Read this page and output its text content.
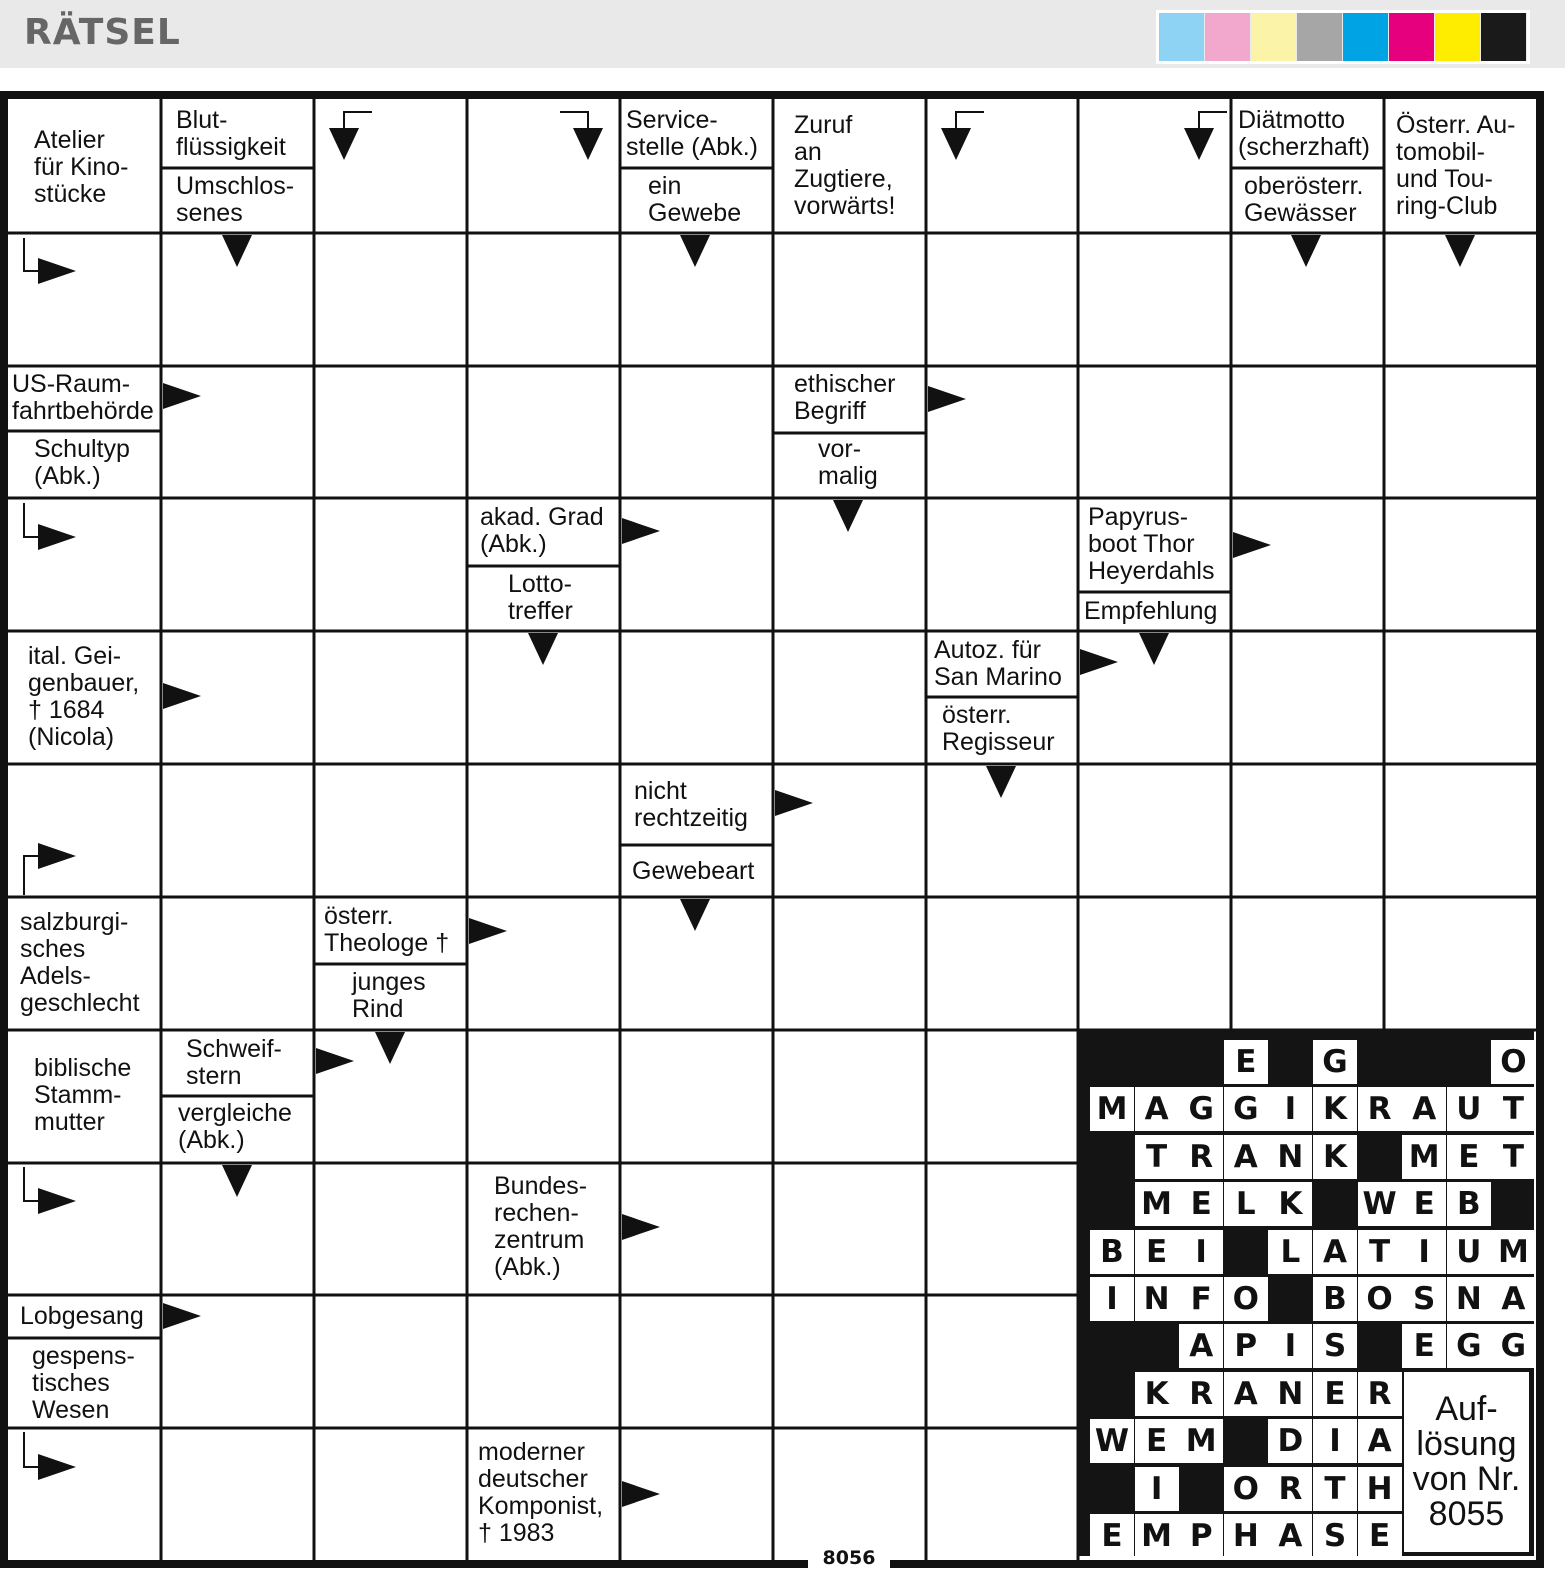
RÄTSEL
Atelier
für Kino-
stücke
Blut-
flüssigkeit
Umschlos-
senes
Service-
stelle (Abk.)
ein
Gewebe
Zuruf
an
Zugtiere,
vorwärts!
Diätmotto
(scherzhaft)
oberösterr.
Gewässer
Österr. Au-
tomobil-
und Tou-
ring-Club
US-Raum-
fahrtbehörde
Schultyp
(Abk.)
ethischer
Begriff
vor-
malig
akad. Grad
(Abk.)
Lotto-
treffer
Papyrus-
boot Thor
Heyerdahls
Empfehlung
ital. Gei-
genbauer,
† 1684
(Nicola)
Autoz. für
San Marino
österr.
Regisseur
nicht
rechtzeitig
Gewebeart
salzburgi-
sches
Adels-
geschlecht
österr.
Theologe †
junges
Rind
biblische
Stamm-
mutter
Schweif-
stern
vergleiche
(Abk.)
Bundes-
rechen-
zentrum
(Abk.)
Lobgesang
gespens-
tisches
Wesen
moderner
deutscher
Komponist,
† 1983
E	G	O
M A G G I K R A U T
T R A N K	M E T
M E L K	W E B
B E I	L A T I U M
I N F O	B O S N A
A P I S	E G G
K R A N E R
W E M D I A
I	O R T H
E M P H A S E
Auf-
lösung
von Nr.
8055
8056
